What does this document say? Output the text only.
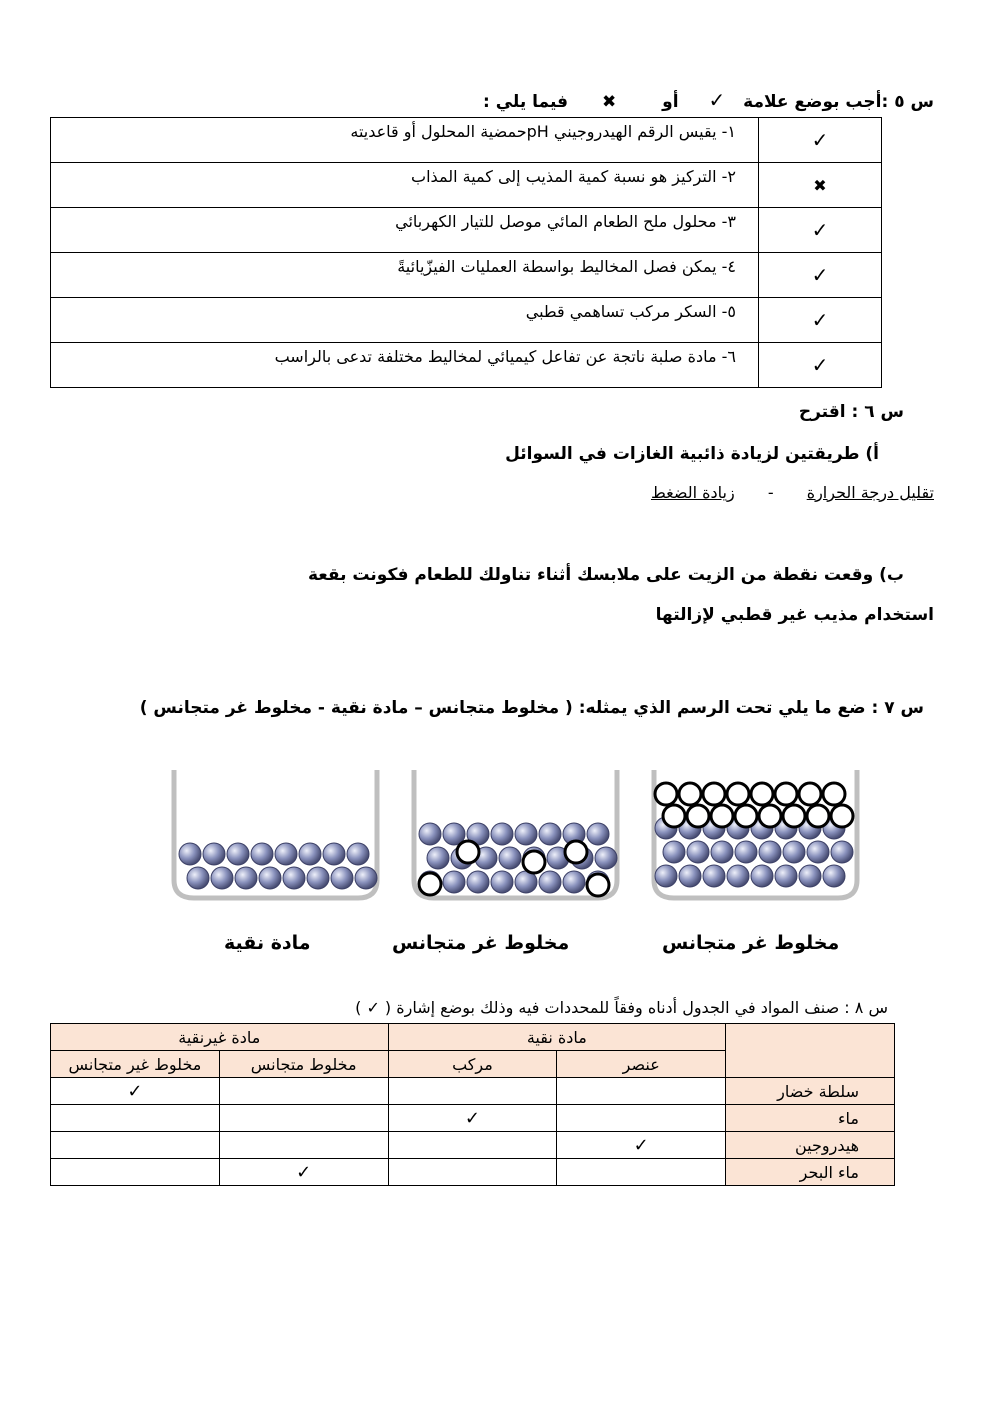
س ٥ :أجب بوضع علامة ✓ أو ✖ فيما يلي :
١- يقيس الرقم الهيدروجيني pHحمضية المحلول أو قاعديته	✓
٢- التركيز هو نسبة كمية المذيب إلى كمية المذاب	✖
٣- محلول ملح الطعام المائي موصل للتيار الكهربائي	✓
٤- يمكن فصل المخاليط بواسطة العمليات الفيزّيائيةً	✓
٥- السكر مركب تساهمي قطبي	✓
٦- مادة صلبة ناتجة عن تفاعل كيميائي لمخاليط مختلفة تدعى بالراسب	✓
س ٦ : اقترح
أ) طريقتين لزيادة ذائبية الغازات في السوائل
تقليل درجة الحرارة - زيادة الضغط
ب) وقعت نقطة من الزيت على ملابسك أثناء تناولك للطعام فكونت بقعة
استخدام مذيب غير قطبي لإزالتها
س ٧ : ضع ما يلي تحت الرسم الذي يمثله: ( مخلوط متجانس – مادة نقية - مخلوط غر متجانس )
مخلوط غر متجانس
مخلوط غر متجانس
مادة نقية
س ٨ : صنف المواد في الجدول أدناه وفقاً للمحددات فيه وذلك بوضع إشارة ( ✓ )
مادة غيرنقية		مادة نقية		
مخلوط غير متجانس	مخلوط متجانس	مركب	عنصر	
✓				سلطة خضار
		✓		ماء
			✓	هيدروجين
	✓			ماء البحر
